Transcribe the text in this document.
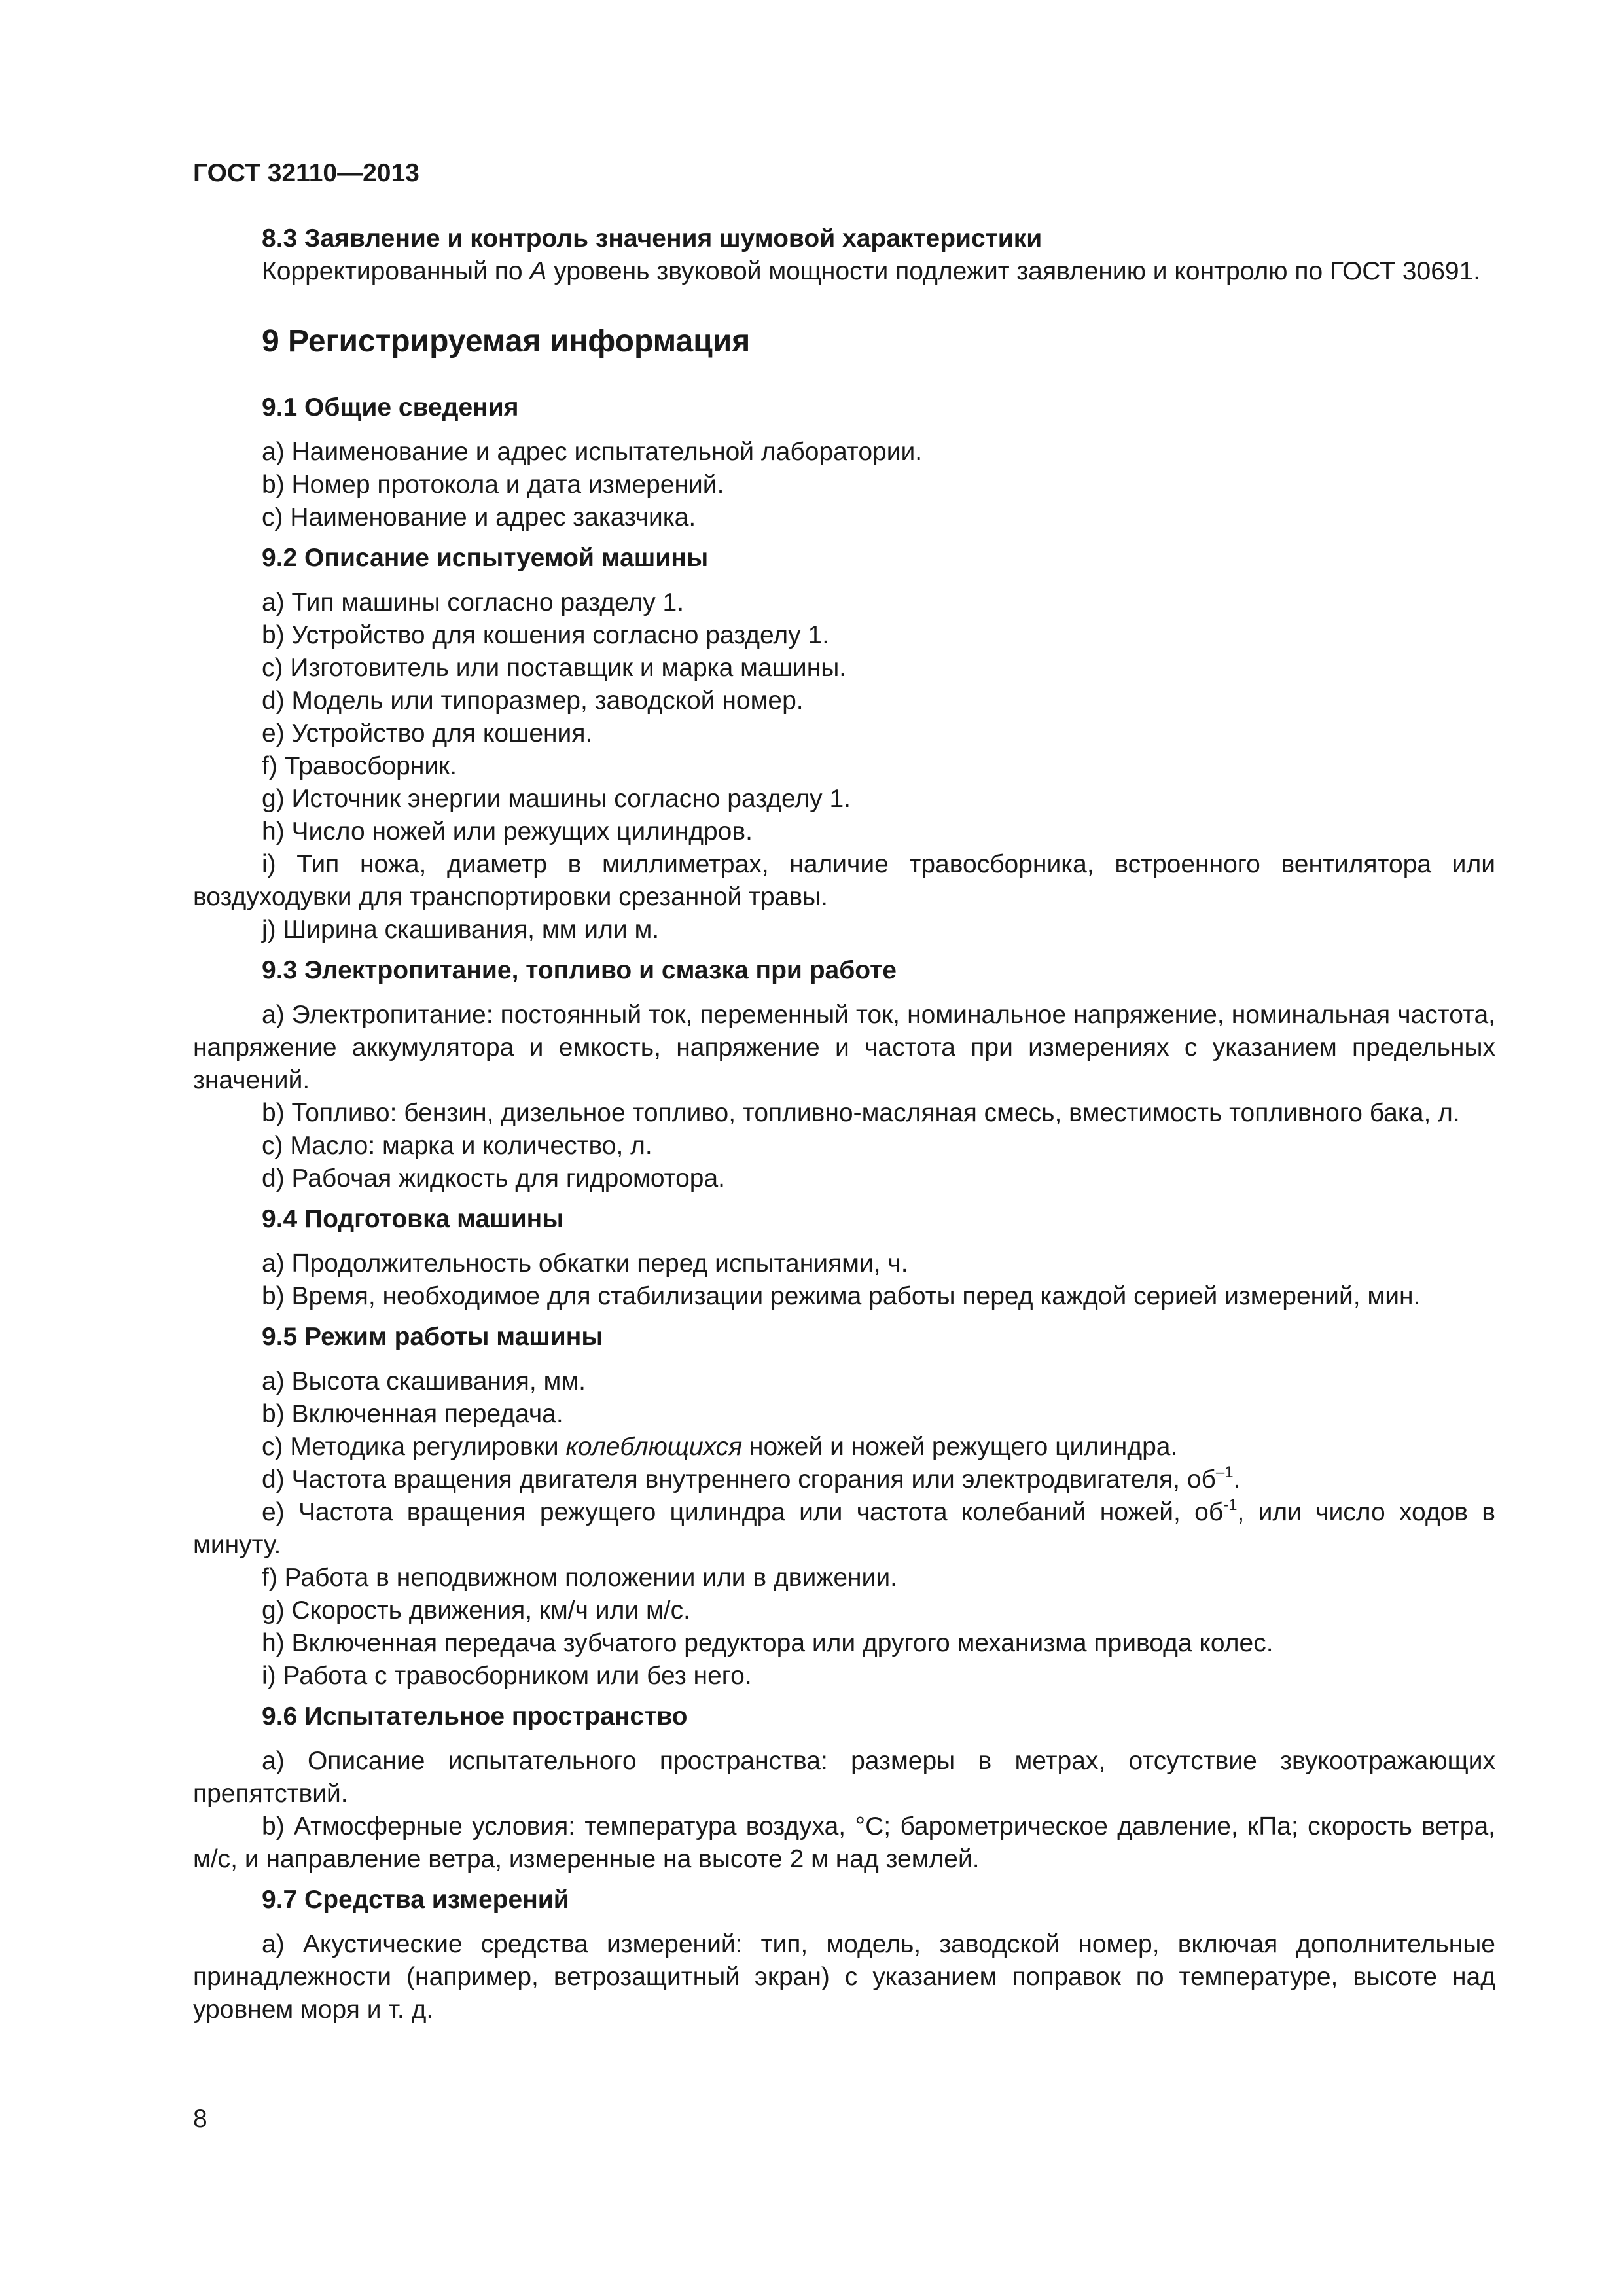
ГОСТ 32110—2013

8.3 Заявление и контроль значения шумовой характеристики

Корректированный по А уровень звуковой мощности подлежит заявлению и контролю по ГОСТ 30691.

9 Регистрируемая информация

9.1 Общие сведения

a) Наименование и адрес испытательной лаборатории.

b) Номер протокола и дата измерений.

c) Наименование и адрес заказчика.

9.2 Описание испытуемой машины

a) Тип машины согласно разделу 1.

b) Устройство для кошения согласно разделу 1.

c) Изготовитель или поставщик и марка машины.

d) Модель или типоразмер, заводской номер.

e) Устройство для кошения.

f) Травосборник.

g) Источник энергии машины согласно разделу 1.

h) Число ножей или режущих цилиндров.

i) Тип ножа, диаметр в миллиметрах, наличие травосборника, встроенного вентилятора или воздуходувки для транспортировки срезанной травы.

j) Ширина скашивания, мм или м.

9.3 Электропитание, топливо и смазка при работе

a) Электропитание: постоянный ток, переменный ток, номинальное напряжение, номинальная частота, напряжение аккумулятора и емкость, напряжение и частота при измерениях с указанием предельных значений.

b) Топливо: бензин, дизельное топливо, топливно-масляная смесь, вместимость топливного бака, л.

c) Масло: марка и количество, л.

d) Рабочая жидкость для гидромотора.

9.4 Подготовка машины

a) Продолжительность обкатки перед испытаниями, ч.

b) Время, необходимое для стабилизации режима работы перед каждой серией измерений, мин.

9.5 Режим работы машины

a) Высота скашивания, мм.

b) Включенная передача.

c) Методика регулировки колеблющихся ножей и ножей режущего цилиндра.

d) Частота вращения двигателя внутреннего сгорания или электродвигателя, $об^{-1}$.

e) Частота вращения режущего цилиндра или частота колебаний ножей, $об^{-1}$, или число ходов в минуту.

f) Работа в неподвижном положении или в движении.

g) Скорость движения, км/ч или м/с.

h) Включенная передача зубчатого редуктора или другого механизма привода колес.

i) Работа с травосборником или без него.

9.6 Испытательное пространство

a) Описание испытательного пространства: размеры в метрах, отсутствие звукоотражающих препятствий.

b) Атмосферные условия: температура воздуха, °С; барометрическое давление, кПа; скорость ветра, м/с, и направление ветра, измеренные на высоте 2 м над землей.

9.7 Средства измерений

a) Акустические средства измерений: тип, модель, заводской номер, включая дополнительные принадлежности (например, ветрозащитный экран) с указанием поправок по температуре, высоте над уровнем моря и т. д.

8
